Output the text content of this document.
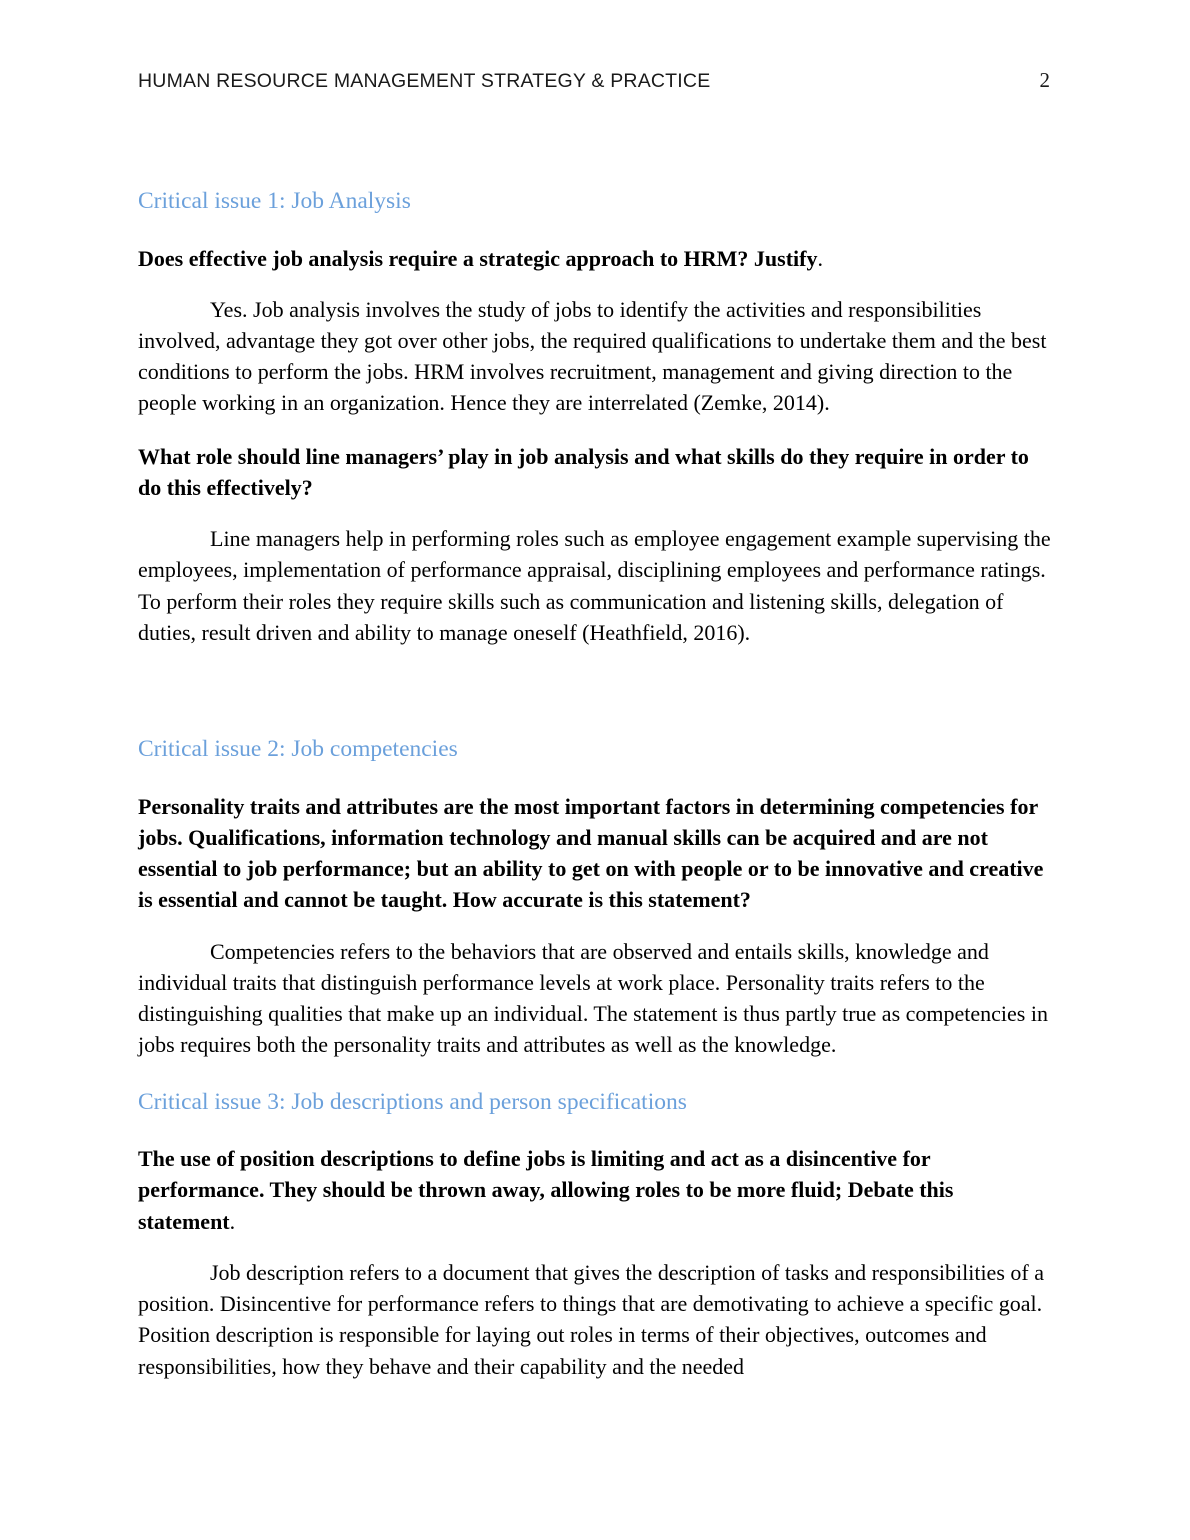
HUMAN RESOURCE MANAGEMENT STRATEGY & PRACTICE	2
Critical issue 1: Job Analysis

Does effective job analysis require a strategic approach to HRM? Justify.

Yes. Job analysis involves the study of jobs to identify the activities and responsibilities involved, advantage they got over other jobs, the required qualifications to undertake them and the best conditions to perform the jobs. HRM involves recruitment, management and giving direction to the people working in an organization. Hence they are interrelated (Zemke, 2014).

What role should line managers’ play in job analysis and what skills do they require in order to do this effectively?

Line managers help in performing roles such as employee engagement example supervising the employees, implementation of performance appraisal, disciplining employees and performance ratings. To perform their roles they require skills such as communication and listening skills, delegation of duties, result driven and ability to manage oneself (Heathfield, 2016).

Critical issue 2: Job competencies

Personality traits and attributes are the most important factors in determining competencies for jobs. Qualifications, information technology and manual skills can be acquired and are not essential to job performance; but an ability to get on with people or to be innovative and creative is essential and cannot be taught. How accurate is this statement?

Competencies refers to the behaviors that are observed and entails skills, knowledge and individual traits that distinguish performance levels at work place. Personality traits refers to the distinguishing qualities that make up an individual. The statement is thus partly true as competencies in jobs requires both the personality traits and attributes as well as the knowledge.

Critical issue 3: Job descriptions and person specifications

The use of position descriptions to define jobs is limiting and act as a disincentive for performance. They should be thrown away, allowing roles to be more fluid; Debate this statement.

Job description refers to a document that gives the description of tasks and responsibilities of a position. Disincentive for performance refers to things that are demotivating to achieve a specific goal. Position description is responsible for laying out roles in terms of their objectives, outcomes and responsibilities, how they behave and their capability and the needed
